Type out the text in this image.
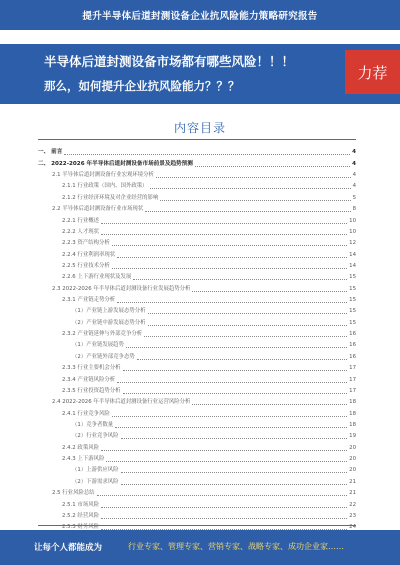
提升半导体后道封测设备企业抗风险能力策略研究报告
半导体后道封测设备市场都有哪些风险！！！
那么，如何提升企业抗风险能力？？？
力荐
内容目录
一、 前言	4
二、 2022-2026 年半导体后道封测设备市场前景及趋势预测	4
2.1 半导体后道封测设备行业宏观环境分析	4
2.1.1 行业政策（国内、国外政策）	4
2.1.2 行业经济环境及对企业经营的影响	5
2.2 半导体后道封测设备行业市场现状	8
2.2.1 行业概述	10
2.2.2 人才现状	10
2.2.3 资产结构分析	12
2.2.4 行业利润率现状	14
2.2.5 行业技术分析	14
2.2.6 上下游行业现状及发展	15
2.3 2022-2026 年半导体后道封测设备行业发展趋势分析	15
2.3.1 产业链走势分析	15
（1）产业链上游发展态势分析	15
（2）产业链中游发展态势分析	15
2.3.2 产业链延伸与外部竞争分析	16
（1）产业链发展趋势	16
（2）产业链外部竞争态势	16
2.3.3 行业主要机会分析	17
2.3.4 产业链风险分析	17
2.3.5 行业投资趋势分析	17
2.4 2022-2026 年半导体后道封测设备行业运营风险分析	18
2.4.1 行业竞争风险	18
（1）竞争者数量	18
（2）行业竞争风险	19
2.4.2 政策风险	20
2.4.3 上下游风险	20
（1）上游供应风险	20
（2）下游需求风险	21
2.5 行业风险总结	21
2.5.1 市场风险	22
2.5.2 经营风险	23
2.5.3 财务风险	24
让每个人都能成为	行业专家、管理专家、营销专家、战略专家、成功企业家……
